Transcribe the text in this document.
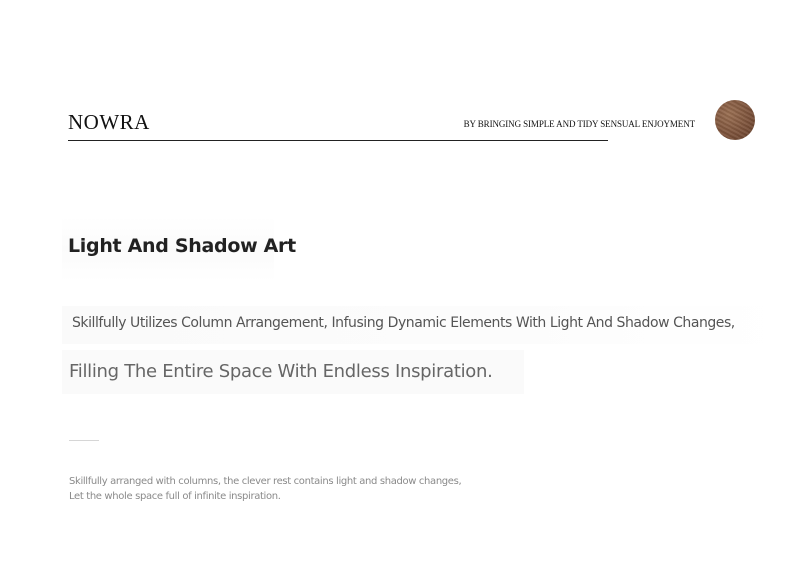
NOWRA	BY BRINGING SIMPLE AND TIDY SENSUAL ENJOYMENT
Light And Shadow Art
Skillfully Utilizes Column Arrangement, Infusing Dynamic Elements With Light And Shadow Changes,
Filling The Entire Space With Endless Inspiration.
Skillfully arranged with columns, the clever rest contains light and shadow changes,
Let the whole space full of infinite inspiration.
